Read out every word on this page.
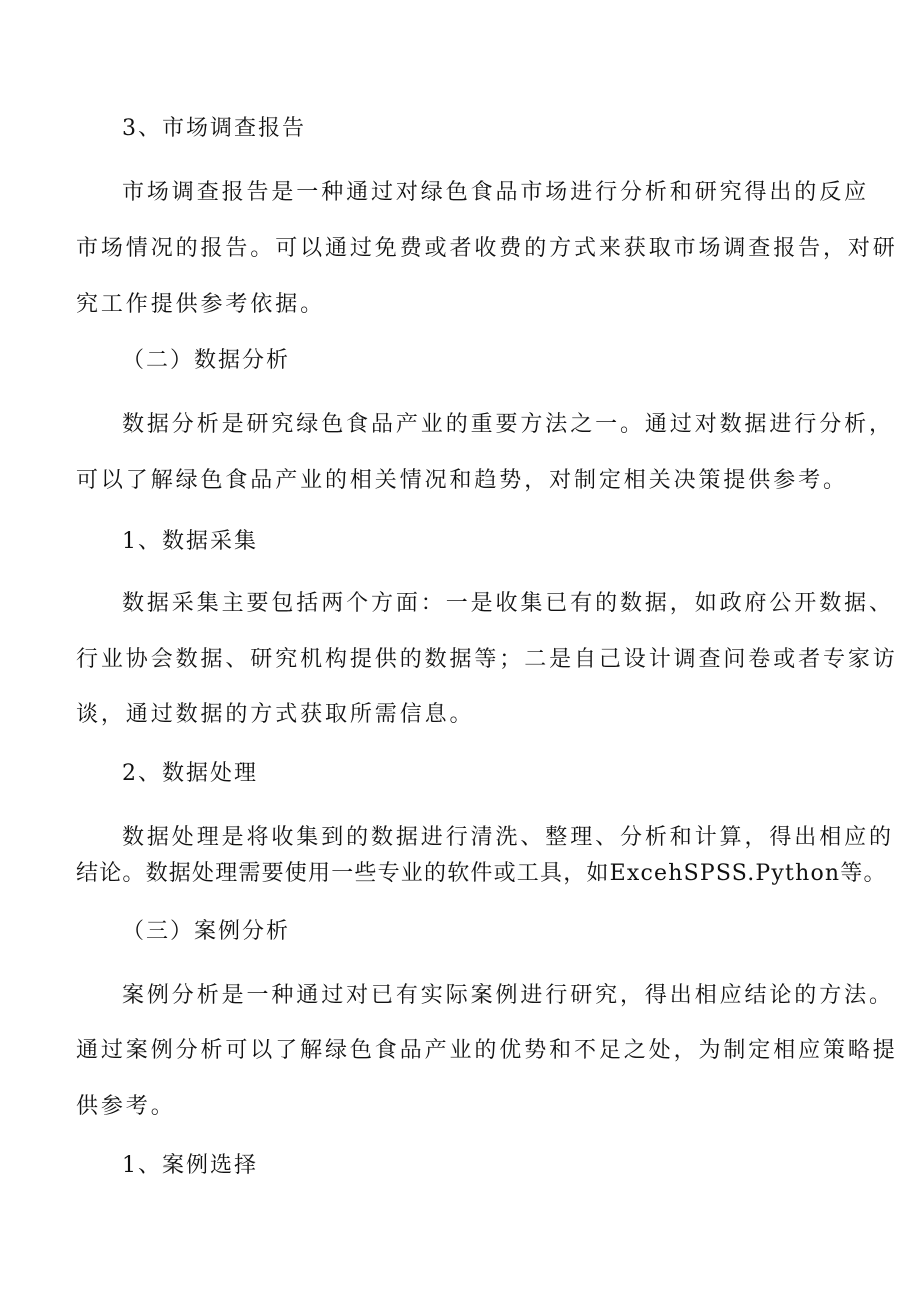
3、市场调查报告
市场调查报告是一种通过对绿色食品市场进行分析和研究得出的反应
市场情况的报告。可以通过免费或者收费的方式来获取市场调查报告，对研
究工作提供参考依据。
（二）数据分析
数据分析是研究绿色食品产业的重要方法之一。通过对数据进行分析，
可以了解绿色食品产业的相关情况和趋势，对制定相关决策提供参考。
1、数据采集
数据采集主要包括两个方面：一是收集已有的数据，如政府公开数据、
行业协会数据、研究机构提供的数据等；二是自己设计调查问卷或者专家访
谈，通过数据的方式获取所需信息。
2、数据处理
数据处理是将收集到的数据进行清洗、整理、分析和计算，得出相应的
结论。数据处理需要使用一些专业的软件或工具，如ExcehSPSS.Python等。
（三）案例分析
案例分析是一种通过对已有实际案例进行研究，得出相应结论的方法。
通过案例分析可以了解绿色食品产业的优势和不足之处，为制定相应策略提
供参考。
1、案例选择
